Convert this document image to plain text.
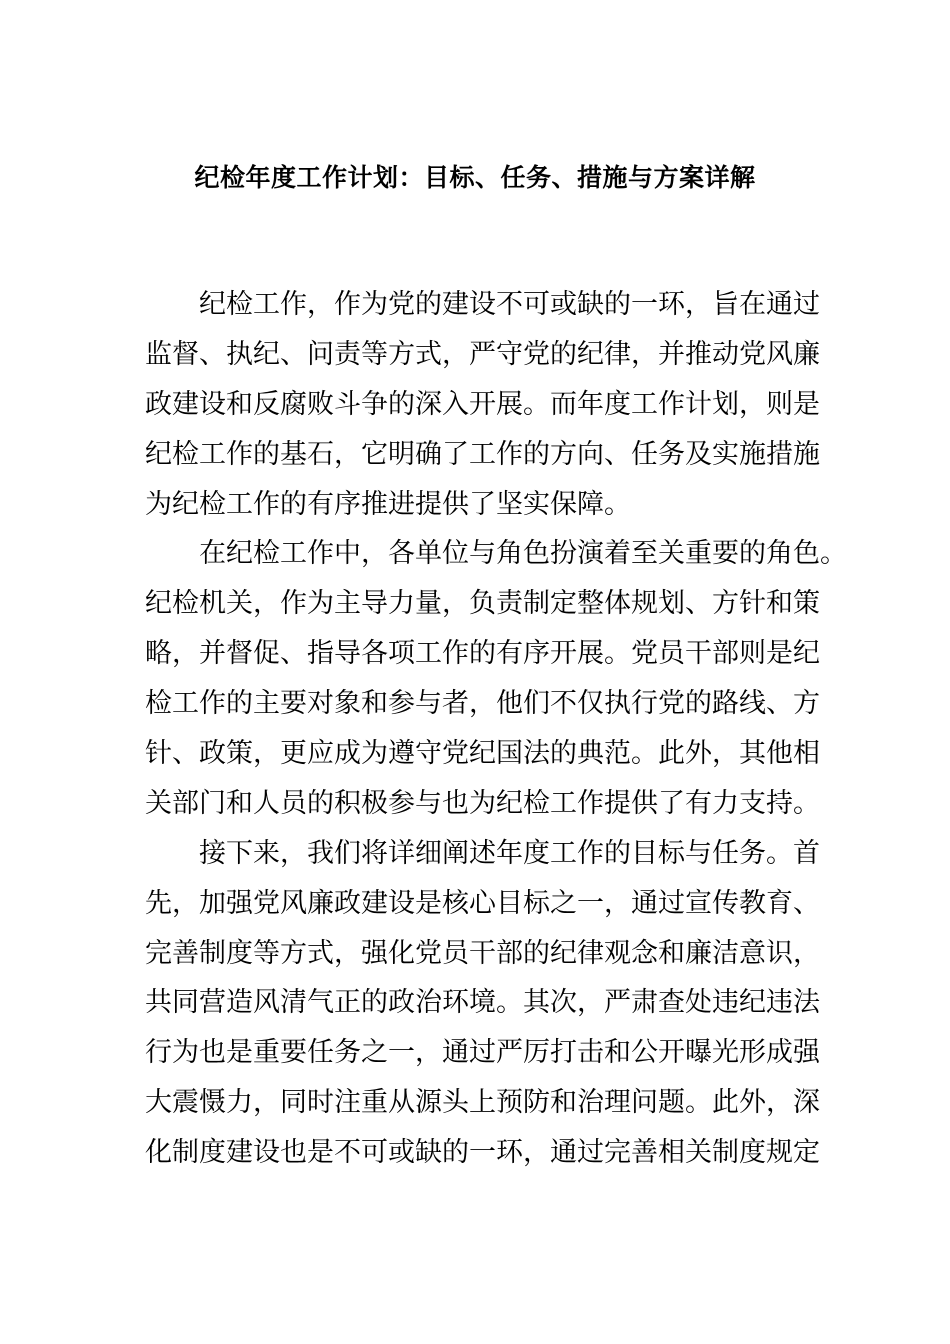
纪检年度工作计划：目标、任务、措施与方案详解
纪检工作，作为党的建设不可或缺的一环，旨在通过
监督、执纪、问责等方式，严守党的纪律，并推动党风廉
政建设和反腐败斗争的深入开展。而年度工作计划，则是
纪检工作的基石，它明确了工作的方向、任务及实施措施
为纪检工作的有序推进提供了坚实保障。
在纪检工作中，各单位与角色扮演着至关重要的角色。
纪检机关，作为主导力量，负责制定整体规划、方针和策
略，并督促、指导各项工作的有序开展。党员干部则是纪
检工作的主要对象和参与者，他们不仅执行党的路线、方
针、政策，更应成为遵守党纪国法的典范。此外，其他相
关部门和人员的积极参与也为纪检工作提供了有力支持。
接下来，我们将详细阐述年度工作的目标与任务。首
先，加强党风廉政建设是核心目标之一，通过宣传教育、
完善制度等方式，强化党员干部的纪律观念和廉洁意识，
共同营造风清气正的政治环境。其次，严肃查处违纪违法
行为也是重要任务之一，通过严厉打击和公开曝光形成强
大震慑力，同时注重从源头上预防和治理问题。此外，深
化制度建设也是不可或缺的一环，通过完善相关制度规定
